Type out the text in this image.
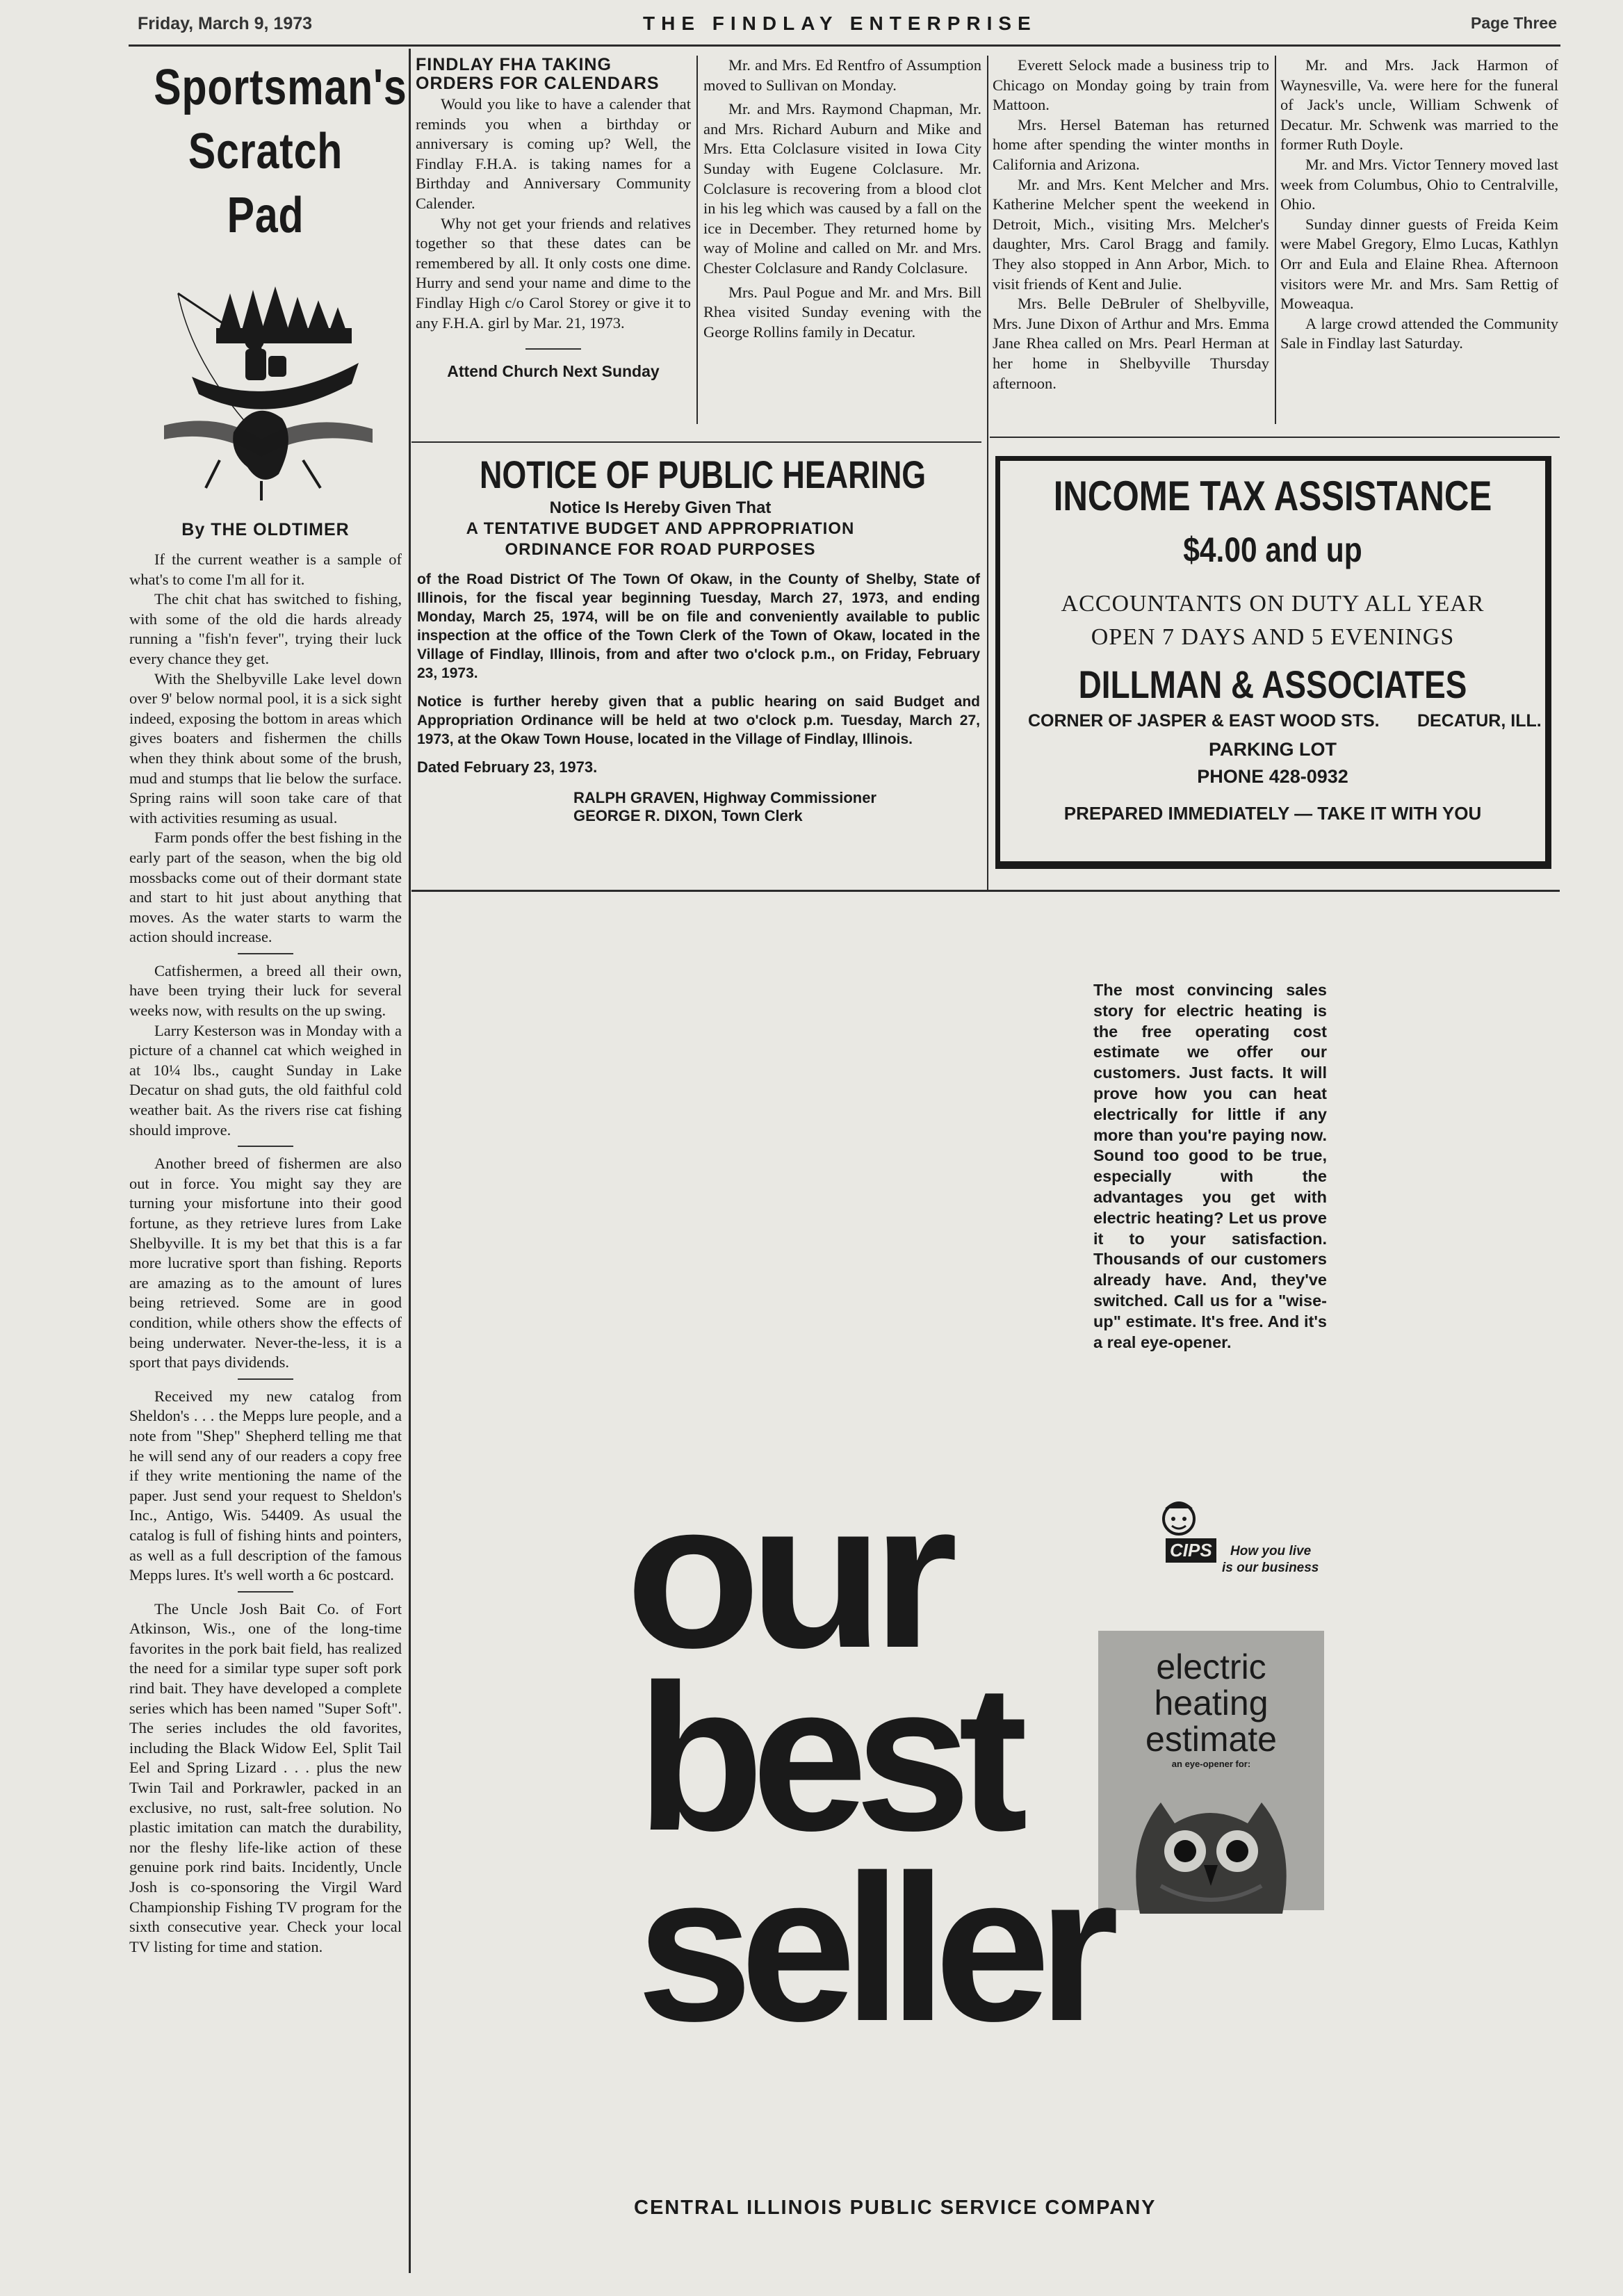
Friday, March 9, 1973	THE FINDLAY ENTERPRISE	Page Three
Sportsman's
Scratch Pad
By THE OLDTIMER

If the current weather is a sample of what's to come I'm all for it.

The chit chat has switched to fishing, with some of the old die hards already running a "fish'n fever", trying their luck every chance they get.

With the Shelbyville Lake level down over 9' below normal pool, it is a sick sight indeed, exposing the bottom in areas which gives boaters and fishermen the chills when they think about some of the brush, mud and stumps that lie below the surface. Spring rains will soon take care of that with activities resuming as usual.

Farm ponds offer the best fishing in the early part of the season, when the big old mossbacks come out of their dormant state and start to hit just about anything that moves. As the water starts to warm the action should increase.

Catfishermen, a breed all their own, have been trying their luck for several weeks now, with results on the up swing.

Larry Kesterson was in Monday with a picture of a channel cat which weighed in at 10¼ lbs., caught Sunday in Lake Decatur on shad guts, the old faithful cold weather bait. As the rivers rise cat fishing should improve.

Another breed of fishermen are also out in force. You might say they are turning your misfortune into their good fortune, as they retrieve lures from Lake Shelbyville. It is my bet that this is a far more lucrative sport than fishing. Reports are amazing as to the amount of lures being retrieved. Some are in good condition, while others show the effects of being underwater. Never-the-less, it is a sport that pays dividends.

Received my new catalog from Sheldon's . . . the Mepps lure people, and a note from "Shep" Shepherd telling me that he will send any of our readers a copy free if they write mentioning the name of the paper. Just send your request to Sheldon's Inc., Antigo, Wis. 54409. As usual the catalog is full of fishing hints and pointers, as well as a full description of the famous Mepps lures. It's well worth a 6c postcard.

The Uncle Josh Bait Co. of Fort Atkinson, Wis., one of the long-time favorites in the pork bait field, has realized the need for a similar type super soft pork rind bait. They have developed a complete series which has been named "Super Soft". The series includes the old favorites, including the Black Widow Eel, Split Tail Eel and Spring Lizard . . . plus the new Twin Tail and Porkrawler, packed in an exclusive, no rust, salt-free solution. No plastic imitation can match the durability, nor the fleshy life-like action of these genuine pork rind baits. Incidently, Uncle Josh is co-sponsoring the Virgil Ward Championship Fishing TV program for the sixth consecutive year. Check your local TV listing for time and station.

FINDLAY FHA TAKING
ORDERS FOR CALENDARS

Would you like to have a calender that reminds you when a birthday or anniversary is coming up? Well, the Findlay F.H.A. is taking names for a Birthday and Anniversary Community Calender.

Why not get your friends and relatives together so that these dates can be remembered by all. It only costs one dime. Hurry and send your name and dime to the Findlay High c/o Carol Storey or give it to any F.H.A. girl by Mar. 21, 1973.

Attend Church Next Sunday

Mr. and Mrs. Ed Rentfro of Assumption moved to Sullivan on Monday.

Mr. and Mrs. Raymond Chapman, Mr. and Mrs. Richard Auburn and Mike and Mrs. Etta Colclasure visited in Iowa City Sunday with Eugene Colclasure. Mr. Colclasure is recovering from a blood clot in his leg which was caused by a fall on the ice in December. They returned home by way of Moline and called on Mr. and Mrs. Chester Colclasure and Randy Colclasure.

Mrs. Paul Pogue and Mr. and Mrs. Bill Rhea visited Sunday evening with the George Rollins family in Decatur.

Everett Selock made a business trip to Chicago on Monday going by train from Mattoon.

Mrs. Hersel Bateman has returned home after spending the winter months in California and Arizona.

Mr. and Mrs. Kent Melcher and Mrs. Katherine Melcher spent the weekend in Detroit, Mich., visiting Mrs. Melcher's daughter, Mrs. Carol Bragg and family. They also stopped in Ann Arbor, Mich. to visit friends of Kent and Julie.

Mrs. Belle DeBruler of Shelbyville, Mrs. June Dixon of Arthur and Mrs. Emma Jane Rhea called on Mrs. Pearl Herman at her home in Shelbyville Thursday afternoon.

Mr. and Mrs. Jack Harmon of Waynesville, Va. were here for the funeral of Jack's uncle, William Schwenk of Decatur. Mr. Schwenk was married to the former Ruth Doyle.

Mr. and Mrs. Victor Tennery moved last week from Columbus, Ohio to Centralville, Ohio.

Sunday dinner guests of Freida Keim were Mabel Gregory, Elmo Lucas, Kathlyn Orr and Eula and Elaine Rhea. Afternoon visitors were Mr. and Mrs. Sam Rettig of Moweaqua.

A large crowd attended the Community Sale in Findlay last Saturday.

NOTICE OF PUBLIC HEARING
Notice Is Hereby Given That
A TENTATIVE BUDGET AND APPROPRIATION
ORDINANCE FOR ROAD PURPOSES
of the Road District Of The Town Of Okaw, in the County of Shelby, State of Illinois, for the fiscal year beginning Tuesday, March 27, 1973, and ending Monday, March 25, 1974, will be on file and conveniently available to public inspection at the office of the Town Clerk of the Town of Okaw, located in the Village of Findlay, Illinois, from and after two o'clock p.m., on Friday, February 23, 1973.
Notice is further hereby given that a public hearing on said Budget and Appropriation Ordinance will be held at two o'clock p.m. Tuesday, March 27, 1973, at the Okaw Town House, located in the Village of Findlay, Illinois.
Dated February 23, 1973.
RALPH GRAVEN, Highway Commissioner
GEORGE R. DIXON, Town Clerk
INCOME TAX ASSISTANCE
$4.00 and up
ACCOUNTANTS ON DUTY ALL YEAR
OPEN 7 DAYS AND 5 EVENINGS
DILLMAN & ASSOCIATES
CORNER OF JASPER & EAST WOOD STS. DECATUR, ILL.
PARKING LOT
PHONE 428-0932
PREPARED IMMEDIATELY — TAKE IT WITH YOU
The most convincing sales story for electric heating is the free operating cost estimate we offer our customers. Just facts. It will prove how you can heat electrically for little if any more than you're paying now. Sound too good to be true, especially with the advantages you get with electric heating? Let us prove it to your satisfaction. Thousands of our customers already have. And, they've switched. Call us for a "wise-up" estimate. It's free. And it's a real eye-opener.
CIPS	How you live
is our business
electric
heating
estimate
an eye-opener for:
our
best
seller
CENTRAL ILLINOIS PUBLIC SERVICE COMPANY
